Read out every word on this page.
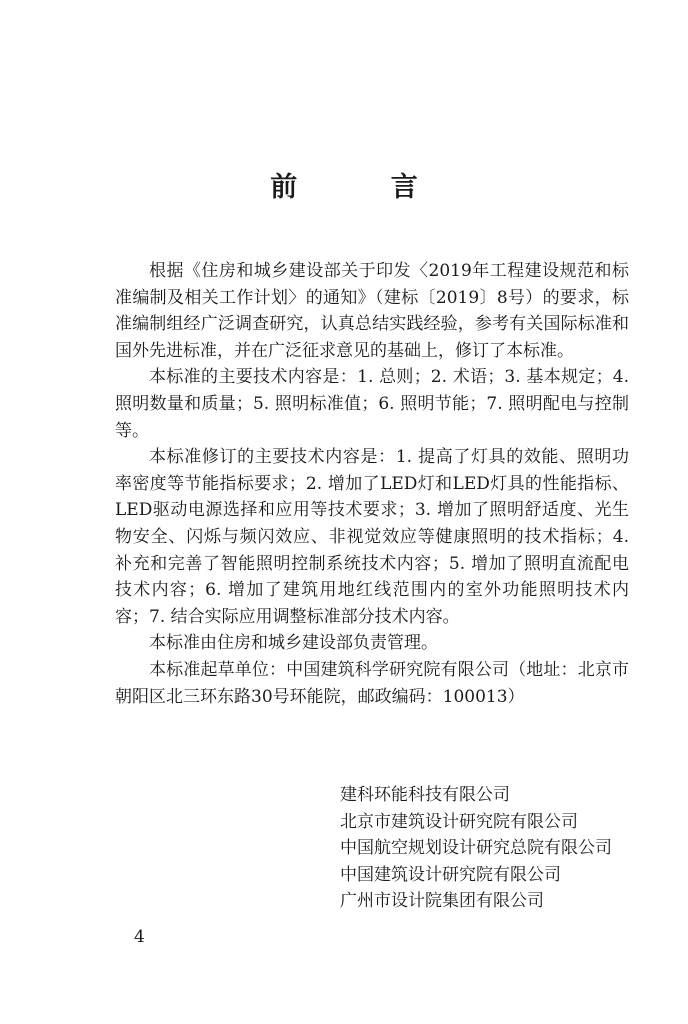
前 言

根据《住房和城乡建设部关于印发〈2019年工程建设规范和标准编制及相关工作计划〉的通知》（建标〔2019〕8号）的要求，标准编制组经广泛调查研究，认真总结实践经验，参考有关国际标准和国外先进标准，并在广泛征求意见的基础上，修订了本标准。

本标准的主要技术内容是：1. 总则；2. 术语；3. 基本规定；4. 照明数量和质量；5. 照明标准值；6. 照明节能；7. 照明配电与控制等。

本标准修订的主要技术内容是：1. 提高了灯具的效能、照明功率密度等节能指标要求；2. 增加了LED灯和LED灯具的性能指标、LED驱动电源选择和应用等技术要求；3. 增加了照明舒适度、光生物安全、闪烁与频闪效应、非视觉效应等健康照明的技术指标；4. 补充和完善了智能照明控制系统技术内容；5. 增加了照明直流配电技术内容；6. 增加了建筑用地红线范围内的室外功能照明技术内容；7. 结合实际应用调整标准部分技术内容。

本标准由住房和城乡建设部负责管理。

本标准起草单位：中国建筑科学研究院有限公司（地址：北京市朝阳区北三环东路30号环能院，邮政编码：100013）

建科环能科技有限公司

北京市建筑设计研究院有限公司

中国航空规划设计研究总院有限公司

中国建筑设计研究院有限公司

广州市设计院集团有限公司

4
